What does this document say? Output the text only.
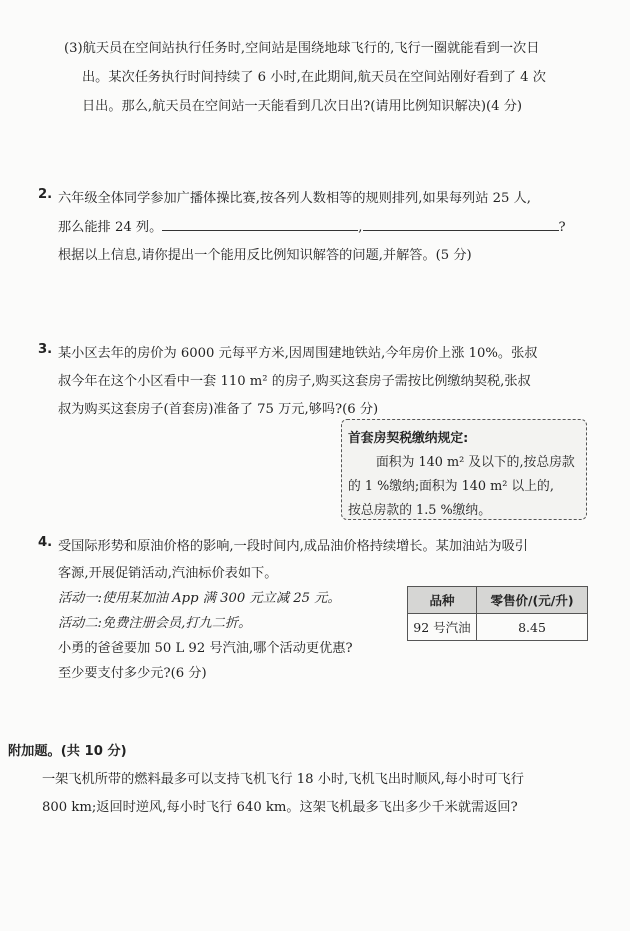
(3)航天员在空间站执行任务时,空间站是围绕地球飞行的,飞行一圈就能看到一次日
出。某次任务执行时间持续了 6 小时,在此期间,航天员在空间站刚好看到了 4 次
日出。那么,航天员在空间站一天能看到几次日出?(请用比例知识解决)(4 分)
2. 六年级全体同学参加广播体操比赛,按各列人数相等的规则排列,如果每列站 25 人,
那么能排 24 列。	,	?
根据以上信息,请你提出一个能用反比例知识解答的问题,并解答。(5 分)
3. 某小区去年的房价为 6000 元每平方米,因周围建地铁站,今年房价上涨 10%。张叔
叔今年在这个小区看中一套 110 m² 的房子,购买这套房子需按比例缴纳契税,张叔
叔为购买这套房子(首套房)准备了 75 万元,够吗?(6 分)
首套房契税缴纳规定:
面积为 140 m² 及以下的,按总房款
的 1 %缴纳;面积为 140 m² 以上的,
按总房款的 1.5 %缴纳。
4. 受国际形势和原油价格的影响,一段时间内,成品油价格持续增长。某加油站为吸引
客源,开展促销活动,汽油标价表如下。
活动一:使用某加油 App 满 300 元立减 25 元。
活动二:免费注册会员,打九二折。
小勇的爸爸要加 50 L 92 号汽油,哪个活动更优惠?
至少要支付多少元?(6 分)
品种	零售价/(元/升)
92 号汽油	8.45
附加题。(共 10 分)
一架飞机所带的燃料最多可以支持飞机飞行 18 小时,飞机飞出时顺风,每小时可飞行
800 km;返回时逆风,每小时飞行 640 km。这架飞机最多飞出多少千米就需返回?
